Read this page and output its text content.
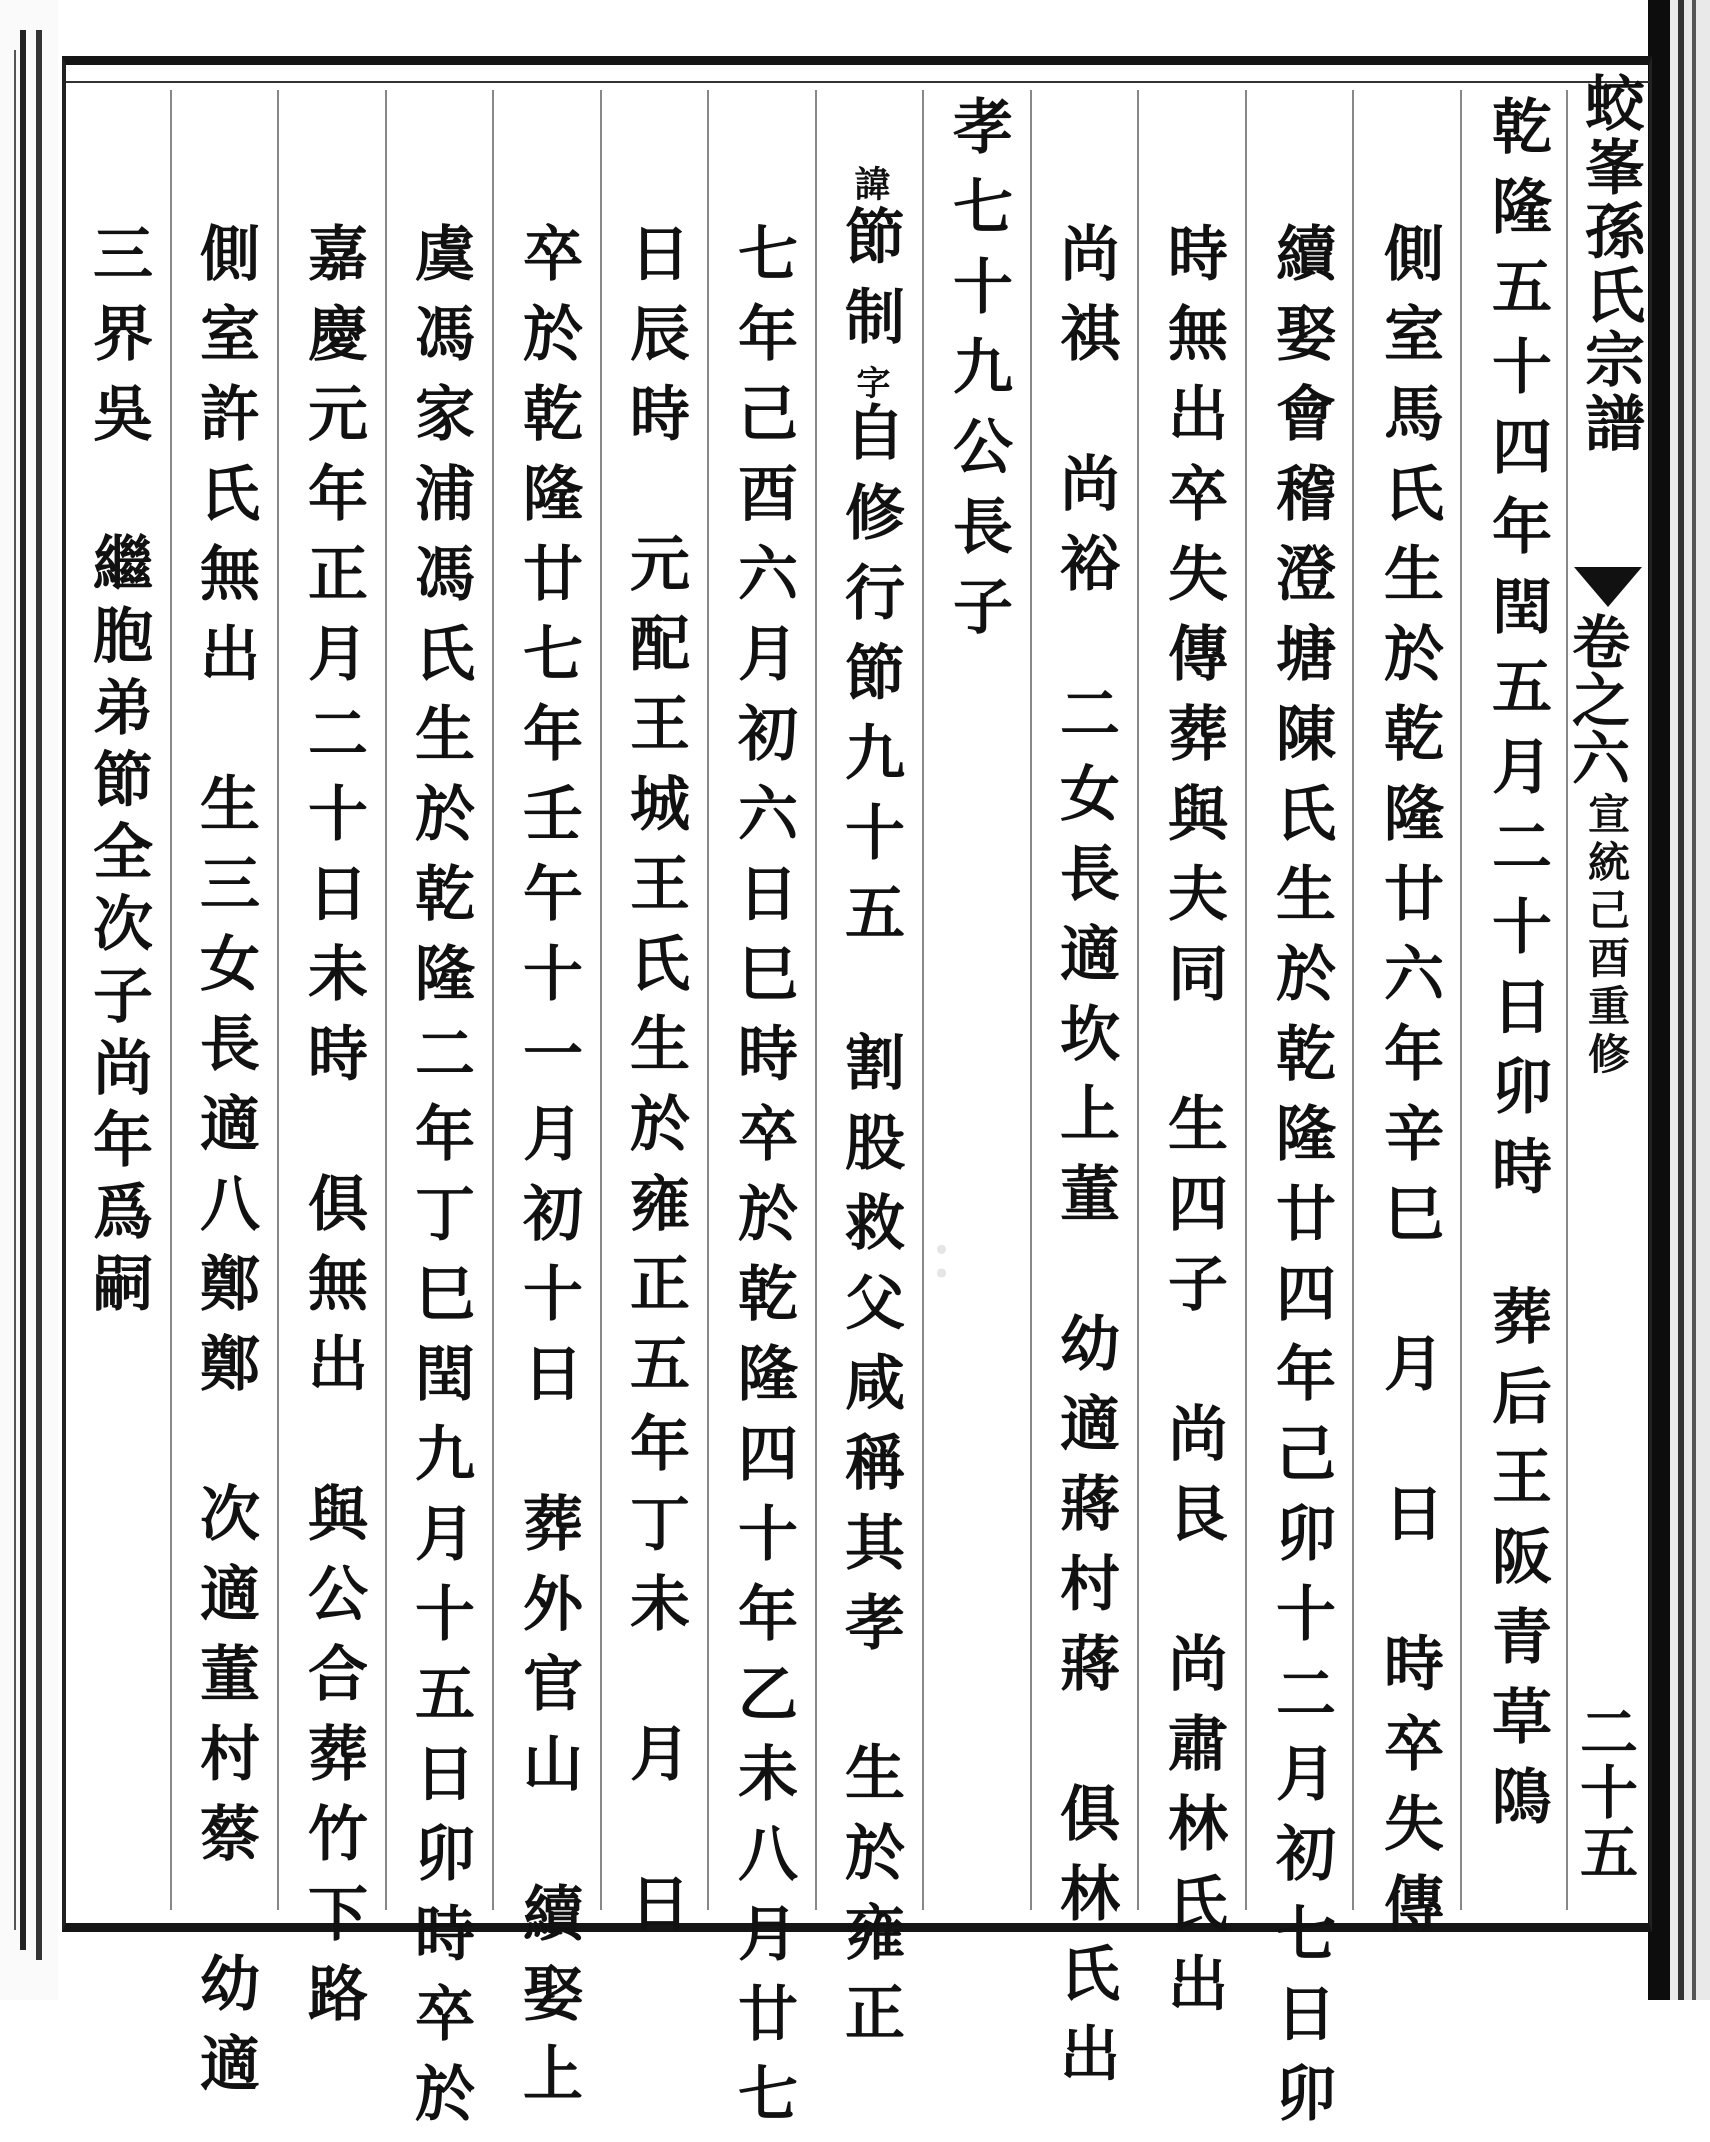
：
蛟峯孫氏宗譜
宣統己酉重修
二十五
卷之六
乾隆五十四年閏五月二十日卯時葬后王阪青草隝
側室馬氏生於乾隆廿六年辛巳月日時卒失傳
續娶會稽澄塘陳氏生於乾隆廿四年己卯十二月初七日卯
時無出卒失傳葬與夫同生四子尚艮尚肅林氏出
尚祺尚裕二女長適坎上董幼適蔣村蔣俱林氏出
孝七十九公長子
諱節制字自修行節九十五割股救父咸稱其孝生於雍正
七年己酉六月初六日巳時卒於乾隆四十年乙未八月廿七
日辰時元配王城王氏生於雍正五年丁未月日
卒於乾隆廿七年壬午十一月初十日葬外官山續娶上
虞馮家浦馮氏生於乾隆二年丁巳閏九月十五日卯時卒於
嘉慶元年正月二十日未時俱無出與公合葬竹下路
側室許氏無出生三女長適八鄭鄭次適董村蔡幼適
三界吳繼胞弟節全次子尚年爲嗣
